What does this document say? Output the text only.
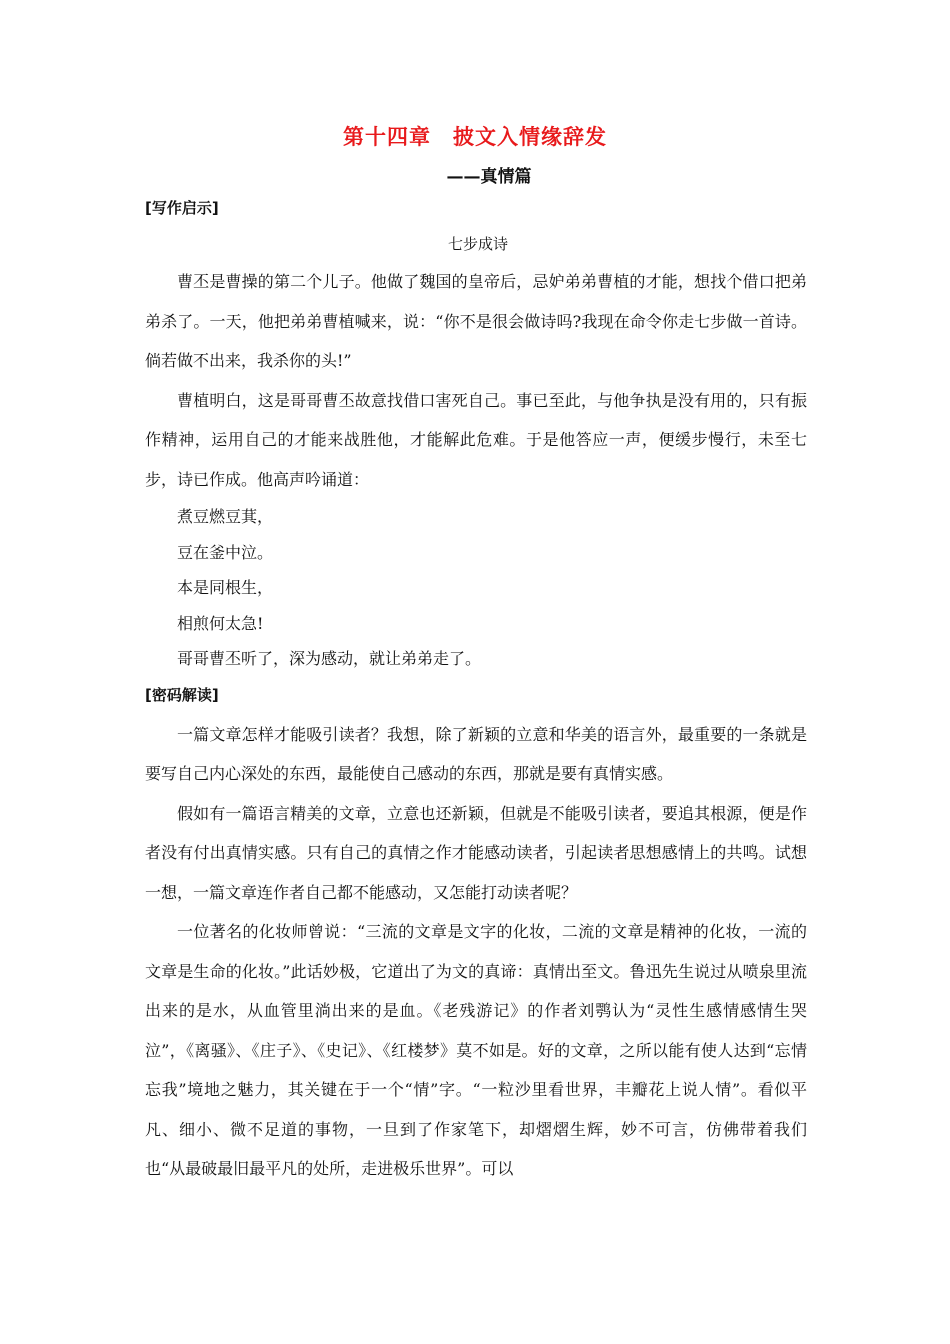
第十四章　披文入情缘辞发
——真情篇
[写作启示]
七步成诗

曹丕是曹操的第二个儿子。他做了魏国的皇帝后，忌妒弟弟曹植的才能，想找个借口把弟弟杀了。一天，他把弟弟曹植喊来，说：“你不是很会做诗吗?我现在命令你走七步做一首诗。倘若做不出来，我杀你的头!”

曹植明白，这是哥哥曹丕故意找借口害死自己。事已至此，与他争执是没有用的，只有振作精神，运用自己的才能来战胜他，才能解此危难。于是他答应一声，便缓步慢行，未至七步，诗已作成。他高声吟诵道：

煮豆燃豆萁，

豆在釜中泣。

本是同根生，

相煎何太急!

哥哥曹丕听了，深为感动，就让弟弟走了。

[密码解读]

一篇文章怎样才能吸引读者？我想，除了新颖的立意和华美的语言外，最重要的一条就是要写自己内心深处的东西，最能使自己感动的东西，那就是要有真情实感。

假如有一篇语言精美的文章，立意也还新颖，但就是不能吸引读者，要追其根源，便是作者没有付出真情实感。只有自己的真情之作才能感动读者，引起读者思想感情上的共鸣。试想一想，一篇文章连作者自己都不能感动，又怎能打动读者呢？

一位著名的化妆师曾说：“三流的文章是文字的化妆，二流的文章是精神的化妆，一流的文章是生命的化妆。”此话妙极，它道出了为文的真谛：真情出至文。鲁迅先生说过从喷泉里流出来的是水，从血管里淌出来的是血。《老残游记》的作者刘鹗认为“灵性生感情感情生哭泣”，《离骚》、《庄子》、《史记》、《红楼梦》莫不如是。好的文章，之所以能有使人达到“忘情忘我”境地之魅力，其关键在于一个“情”字。“一粒沙里看世界，丰瓣花上说人情”。看似平凡、细小、微不足道的事物，一旦到了作家笔下，却熠熠生辉，妙不可言，仿佛带着我们也“从最破最旧最平凡的处所，走进极乐世界”。可以
